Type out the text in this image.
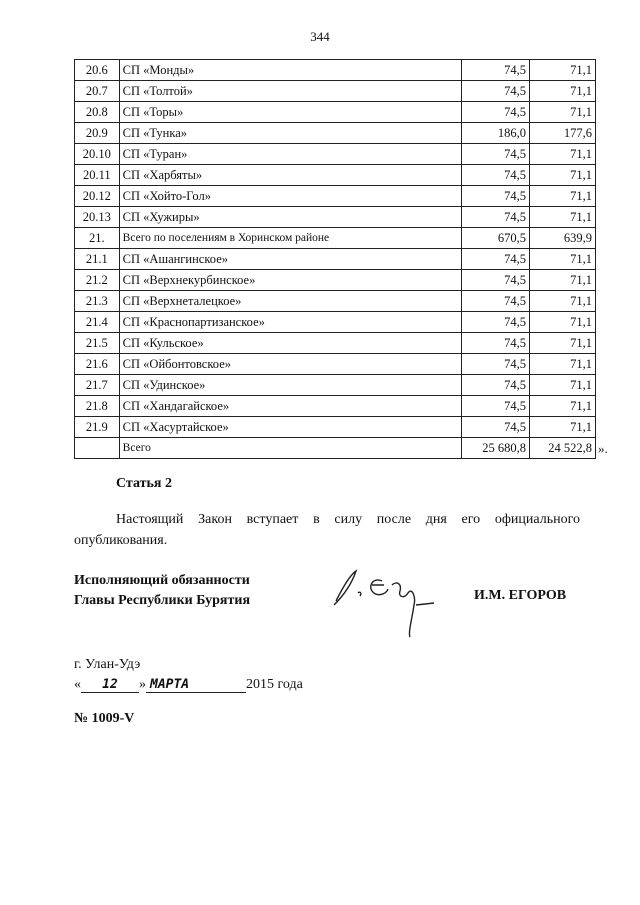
344
20.6	СП «Монды»	74,5	71,1
20.7	СП «Толтой»	74,5	71,1
20.8	СП «Торы»	74,5	71,1
20.9	СП «Тунка»	186,0	177,6
20.10	СП «Туран»	74,5	71,1
20.11	СП «Харбяты»	74,5	71,1
20.12	СП «Хойто-Гол»	74,5	71,1
20.13	СП «Хужиры»	74,5	71,1
21.	Всего по поселениям в Хоринском районе	670,5	639,9
21.1	СП «Ашангинское»	74,5	71,1
21.2	СП «Верхнекурбинское»	74,5	71,1
21.3	СП «Верхнеталецкое»	74,5	71,1
21.4	СП «Краснопартизанское»	74,5	71,1
21.5	СП «Кульское»	74,5	71,1
21.6	СП «Ойбонтовское»	74,5	71,1
21.7	СП «Удинское»	74,5	71,1
21.8	СП «Хандагайское»	74,5	71,1
21.9	СП «Хасуртайское»	74,5	71,1
	Всего	25 680,8	24 522,8 ».
Статья 2
Настоящий Закон вступает в силу после дня его официального опубликования.
Исполняющий обязанности
Главы Республики Бурятия	И.М. ЕГОРОВ
г. Улан-Удэ
« 12 » МАРТА	2015 года
№ 1009-V
